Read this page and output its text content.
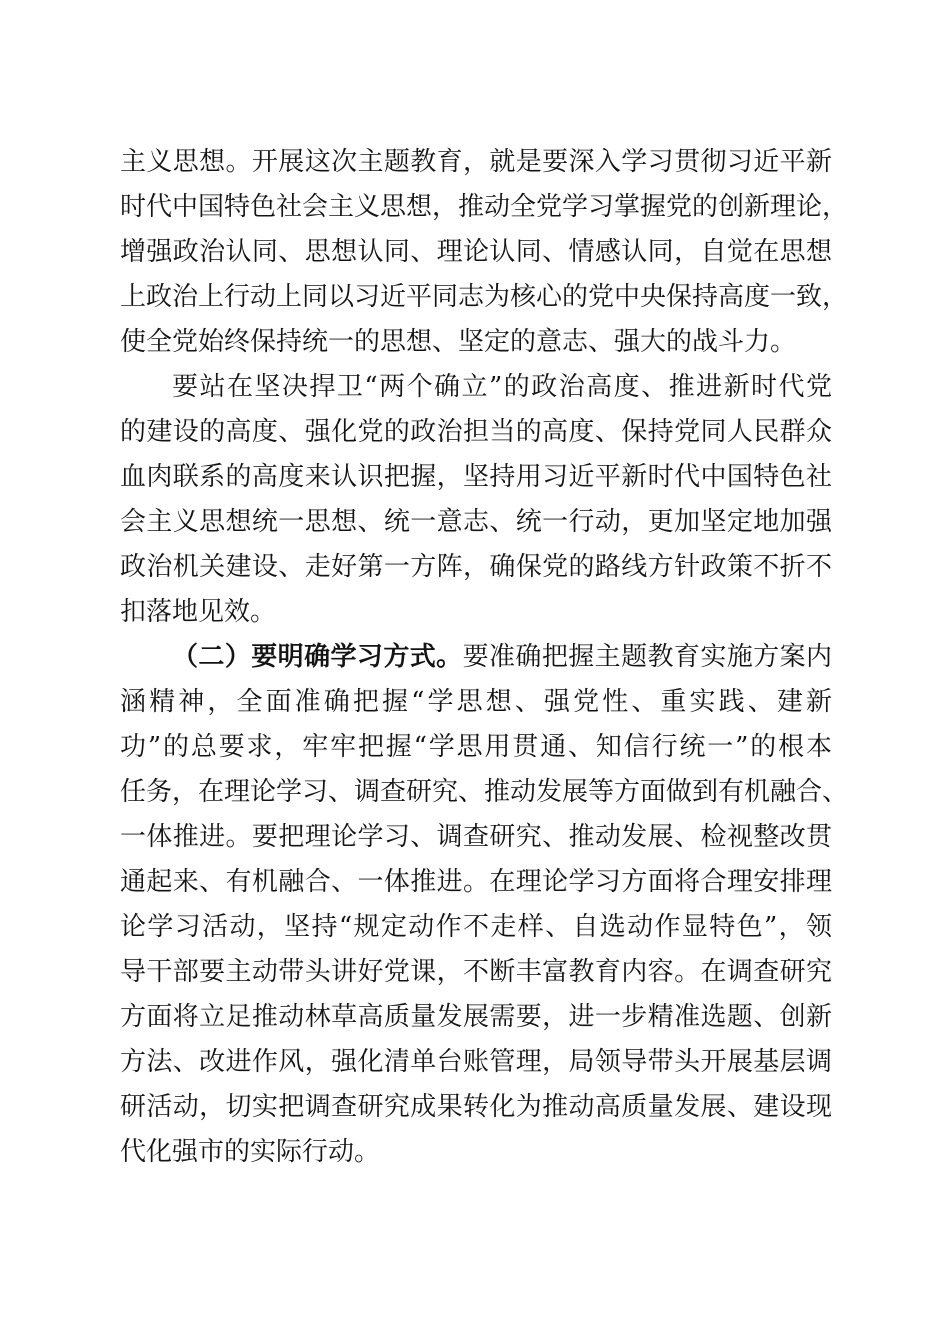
主义思想。开展这次主题教育，就是要深入学习贯彻习近平新
时代中国特色社会主义思想，推动全党学习掌握党的创新理论，
增强政治认同、思想认同、理论认同、情感认同，自觉在思想
上政治上行动上同以习近平同志为核心的党中央保持高度一致，
使全党始终保持统一的思想、坚定的意志、强大的战斗力。
要站在坚决捍卫“两个确立”的政治高度、推进新时代党
的建设的高度、强化党的政治担当的高度、保持党同人民群众
血肉联系的高度来认识把握，坚持用习近平新时代中国特色社
会主义思想统一思想、统一意志、统一行动，更加坚定地加强
政治机关建设、走好第一方阵，确保党的路线方针政策不折不
扣落地见效。
（二）要明确学习方式。要准确把握主题教育实施方案内
涵精神，全面准确把握“学思想、强党性、重实践、建新
功”的总要求，牢牢把握“学思用贯通、知信行统一”的根本
任务，在理论学习、调查研究、推动发展等方面做到有机融合、
一体推进。要把理论学习、调查研究、推动发展、检视整改贯
通起来、有机融合、一体推进。在理论学习方面将合理安排理
论学习活动，坚持“规定动作不走样、自选动作显特色”，领
导干部要主动带头讲好党课，不断丰富教育内容。在调查研究
方面将立足推动林草高质量发展需要，进一步精准选题、创新
方法、改进作风，强化清单台账管理，局领导带头开展基层调
研活动，切实把调查研究成果转化为推动高质量发展、建设现
代化强市的实际行动。
